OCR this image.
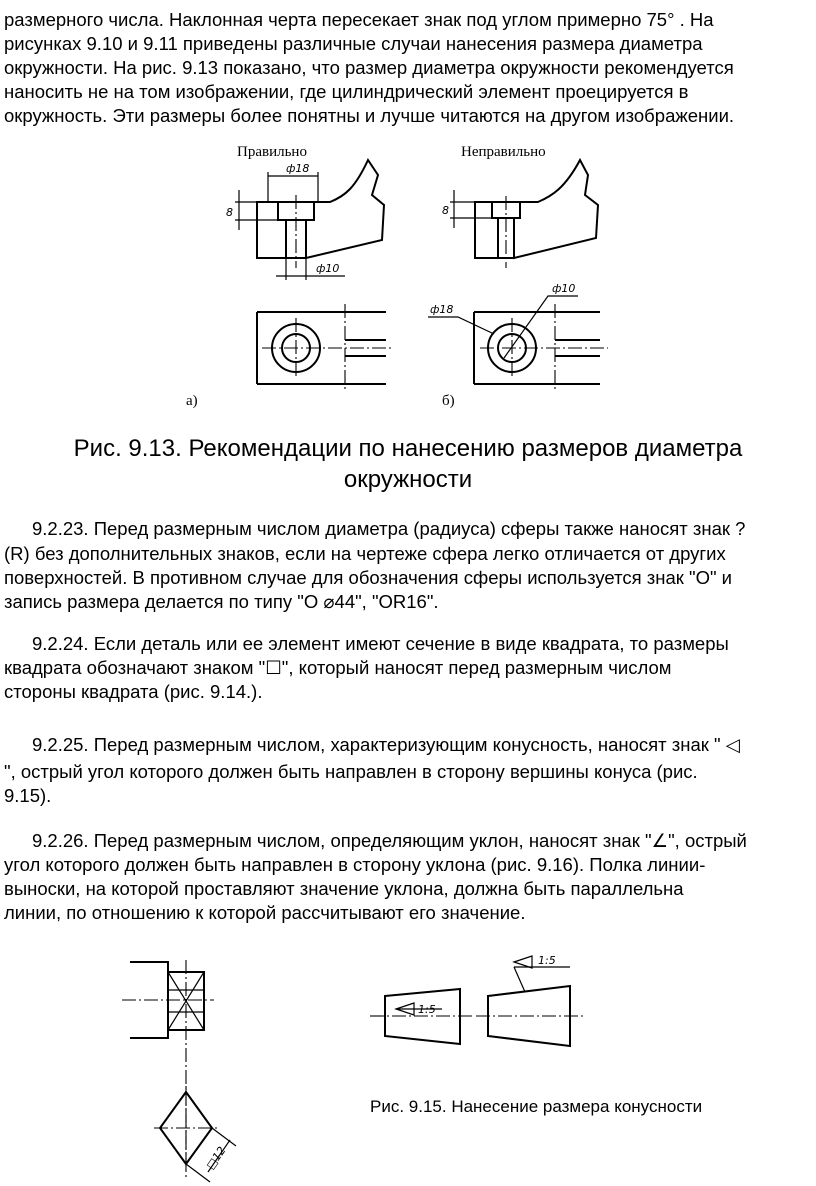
размерного числа. Наклонная черта пересекает знак под углом примерно 75° . На

рисунках 9.10 и 9.11 приведены различные случаи нанесения размера диаметра

окружности. На рис. 9.13 показано, что размер диаметра окружности рекомендуется

наносить не на том изображении, где цилиндрический элемент проецируется в

окружность. Эти размеры более понятны и лучше читаются на другом изображении.

ф18
8
ф10
8
ф18
ф10
Правильно	Неправильно
а)	б)
Рис. 9.13. Рекомендации по нанесению размеров диаметра
окружности

9.2.23. Перед размерным числом диаметра (радиуса) сферы также наносят знак ?

(R) без дополнительных знаков, если на чертеже сфера легко отличается от других

поверхностей. В противном случае для обозначения сферы используется знак "О" и

запись размера делается по типу "О ⌀44", "OR16".

9.2.24. Если деталь или ее элемент имеют сечение в виде квадрата, то размеры

квадрата обозначают знаком "☐", который наносят перед размерным числом

стороны квадрата (рис. 9.14.).

9.2.25. Перед размерным числом, характеризующим конусность, наносят знак " ◁

", острый угол которого должен быть направлен в сторону вершины конуса (рис.

9.15).

9.2.26. Перед размерным числом, определяющим уклон, наносят знак "∠", острый

угол которого должен быть направлен в сторону уклона (рис. 9.16). Полка линии-

выноски, на которой проставляют значение уклона, должна быть параллельна

линии, по отношению к которой рассчитывают его значение.

□12
1:5
1:5
Рис. 9.15. Нанесение размера конусности
